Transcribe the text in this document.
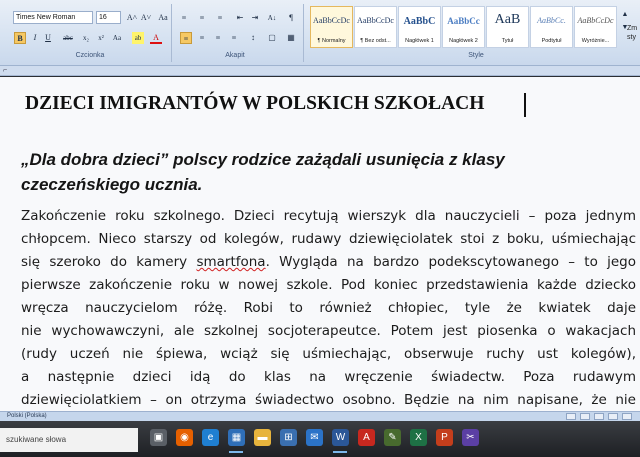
Times New Roman	16	A˄ A˅ Aa
B	I	U	abc	x₂	x²	Aa	ab	A
Czcionka
≡	≡	≡	⇤	⇥	A↓	¶
≡	≡	≡	≡	↕	▢ ▦
Akapit
AaBbCcDc
¶ Normalny
AaBbCcDc
¶ Bez odst...
AaBbC
Nagłówek 1
AaBbCc
Nagłówek 2
AaB
Tytuł
AaBbCc.
Podtytuł
AaBbCcDc
Wyróżnie...
▲
▼
Zm sty
Style
⌐
DZIECI IMIGRANTÓW W POLSKICH SZKOŁACH
„Dla dobra dzieci” polscy rodzice zażądali usunięcia z klasy czeczeńskiego ucznia.
Zakończenie roku szkolnego. Dzieci recytują wierszyk dla nauczycieli – poza jednym
chłopcem. Nieco starszy od kolegów, rudawy dziewięciolatek stoi z boku, uśmiechając
się szeroko do kamery smartfona. Wygląda na bardzo podekscytowanego – to jego
pierwsze zakończenie roku w nowej szkole. Pod koniec przedstawienia każde dziecko
wręcza nauczycielom różę. Robi to również chłopiec, tyle że kwiatek daje
nie wychowawczyni, ale szkolnej socjoterapeutce. Potem jest piosenka o wakacjach
(rudy uczeń nie śpiewa, wciąż się uśmiechając, obserwuje ruchy ust kolegów),
a następnie dzieci idą do klas na wręczenie świadectw. Poza rudawym
dziewięciolatkiem – on otrzyma świadectwo osobno. Będzie na nim napisane, że nie
Polski (Polska)
szukiwane słowa	▣	◉	e	▦	▬	⊞	✉	W	A	✎	X	P	✂
